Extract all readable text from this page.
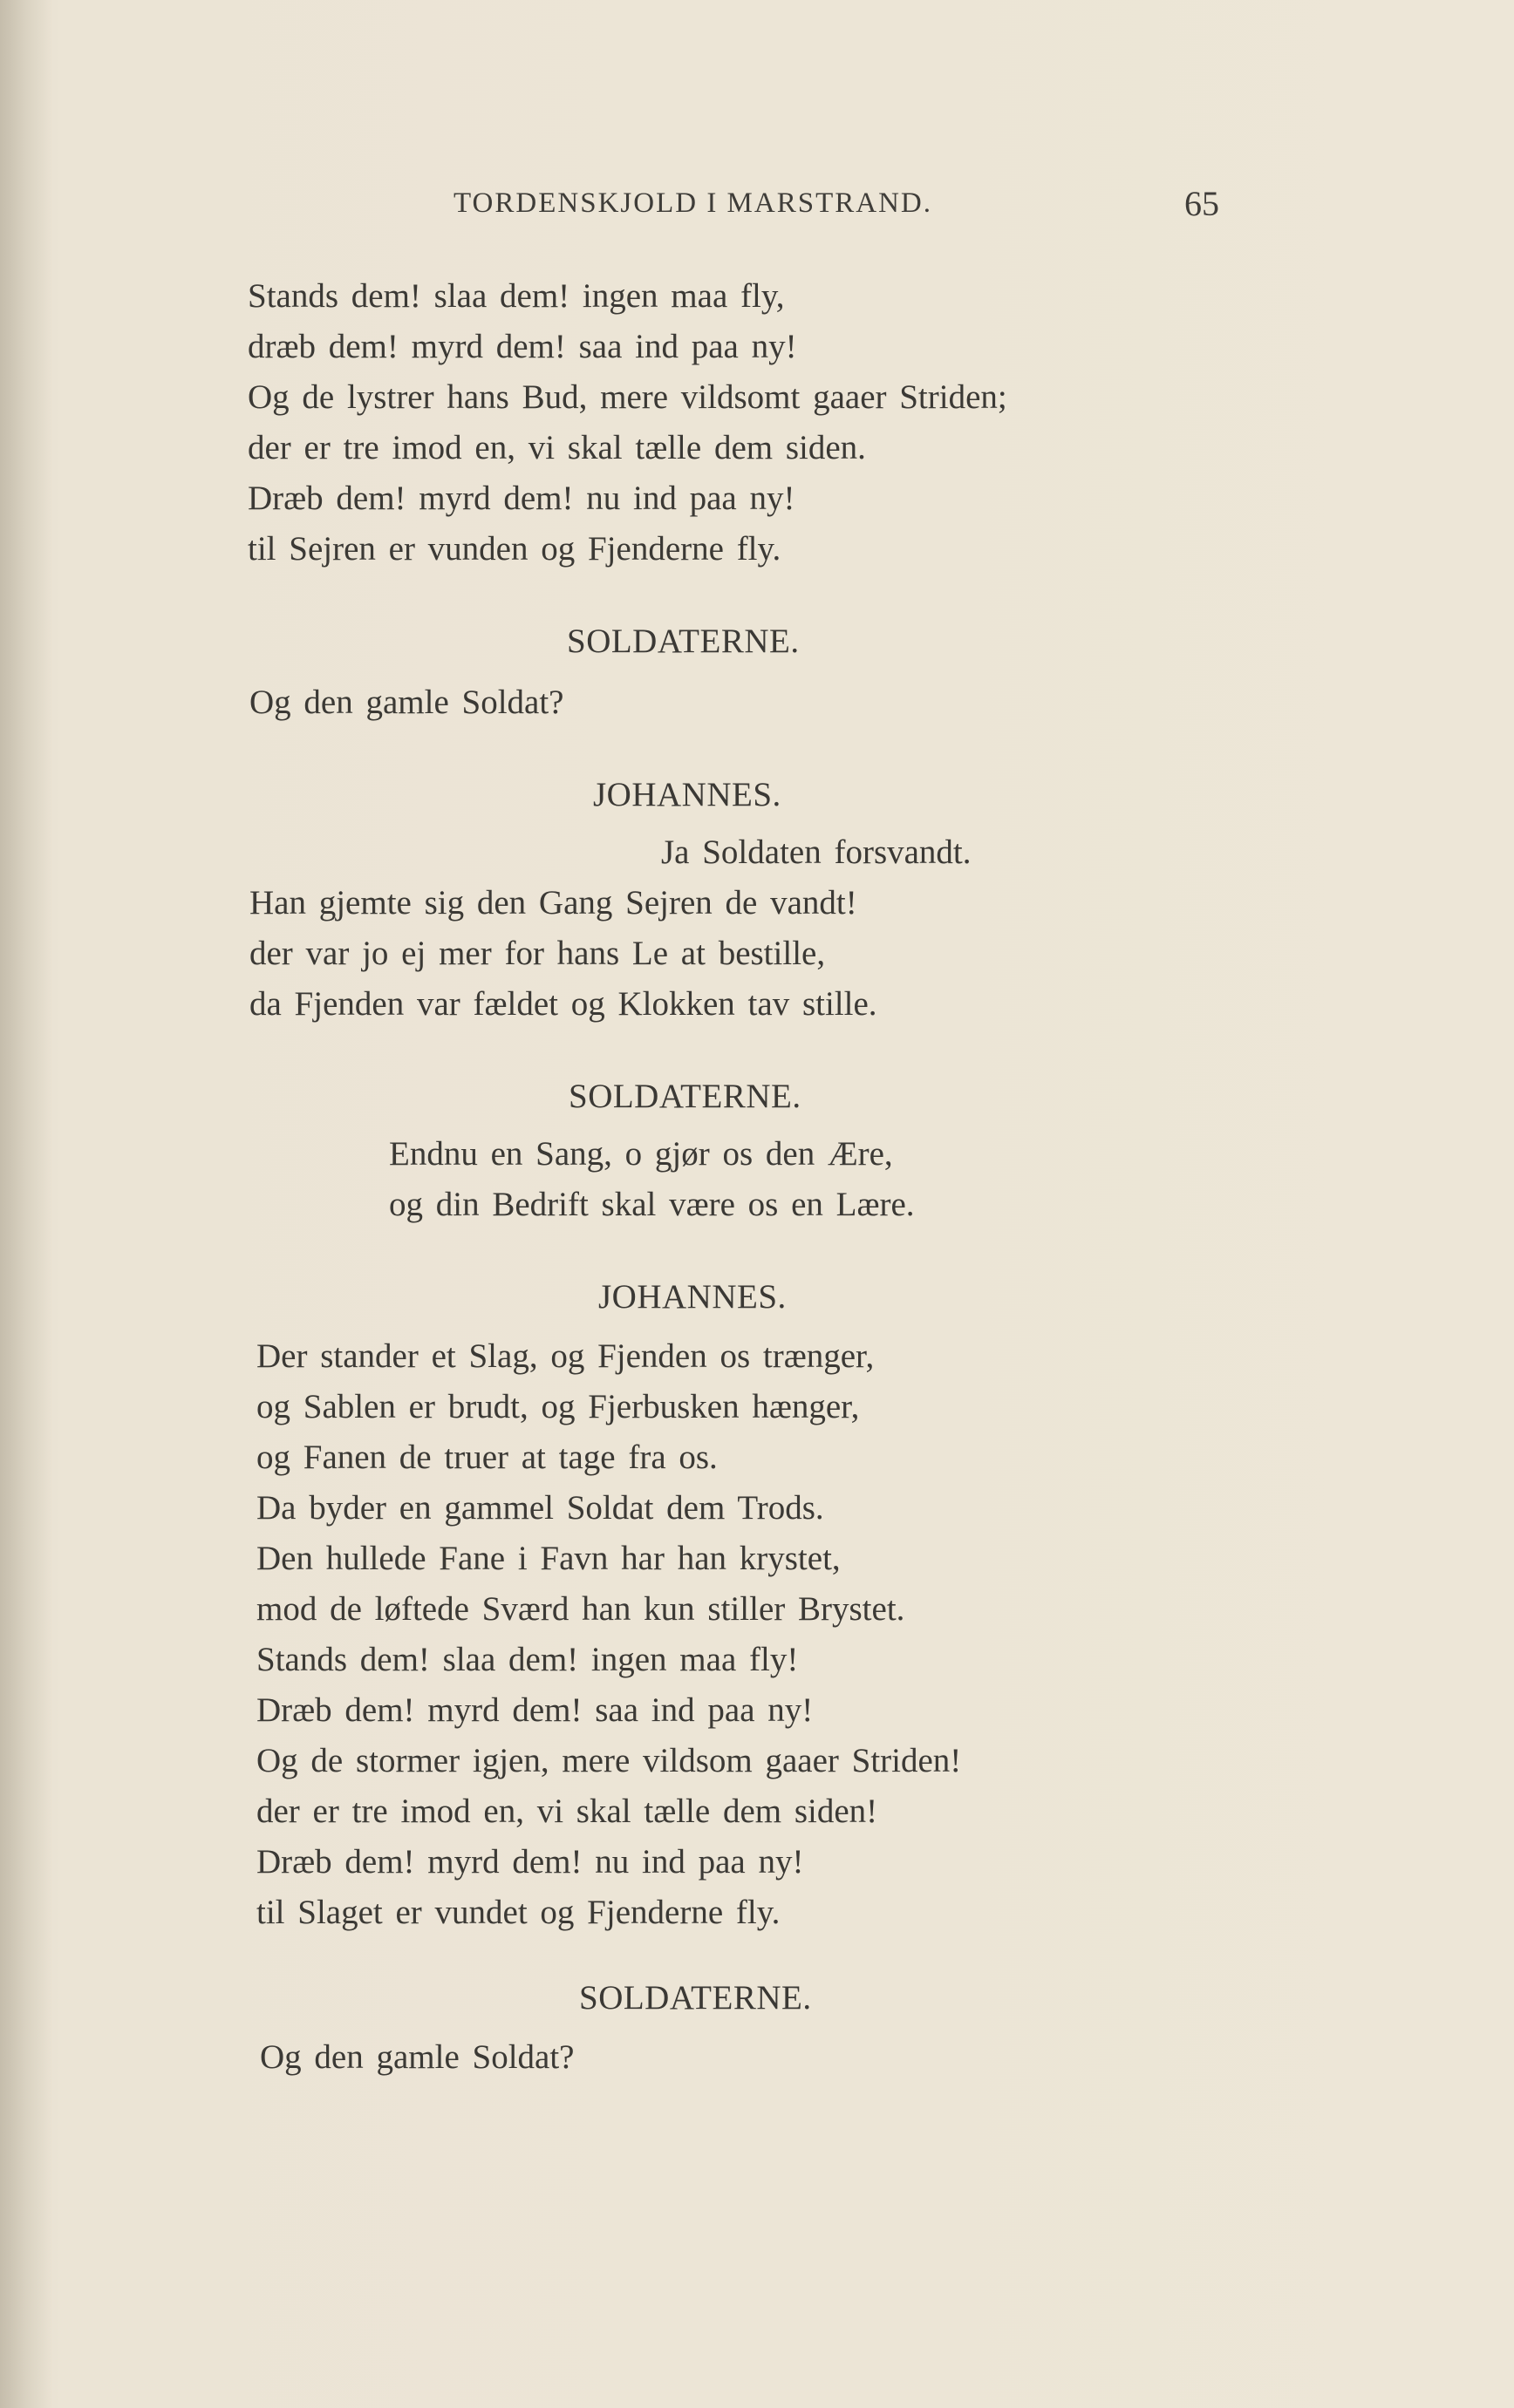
TORDENSKJOLD I MARSTRAND.	65
Stands dem! slaa dem! ingen maa fly,
dræb dem! myrd dem! saa ind paa ny!
Og de lystrer hans Bud, mere vildsomt gaaer Striden;
der er tre imod en, vi skal tælle dem siden.
Dræb dem! myrd dem! nu ind paa ny!
til Sejren er vunden og Fjenderne fly.
SOLDATERNE.
Og den gamle Soldat?
JOHANNES.
Ja Soldaten forsvandt.
Han gjemte sig den Gang Sejren de vandt!
der var jo ej mer for hans Le at bestille,
da Fjenden var fældet og Klokken tav stille.
SOLDATERNE.
Endnu en Sang, o gjør os den Ære,
og din Bedrift skal være os en Lære.
JOHANNES.
Der stander et Slag, og Fjenden os trænger,
og Sablen er brudt, og Fjerbusken hænger,
og Fanen de truer at tage fra os.
Da byder en gammel Soldat dem Trods.
Den hullede Fane i Favn har han krystet,
mod de løftede Sværd han kun stiller Brystet.
Stands dem! slaa dem! ingen maa fly!
Dræb dem! myrd dem! saa ind paa ny!
Og de stormer igjen, mere vildsom gaaer Striden!
der er tre imod en, vi skal tælle dem siden!
Dræb dem! myrd dem! nu ind paa ny!
til Slaget er vundet og Fjenderne fly.
SOLDATERNE.
Og den gamle Soldat?
